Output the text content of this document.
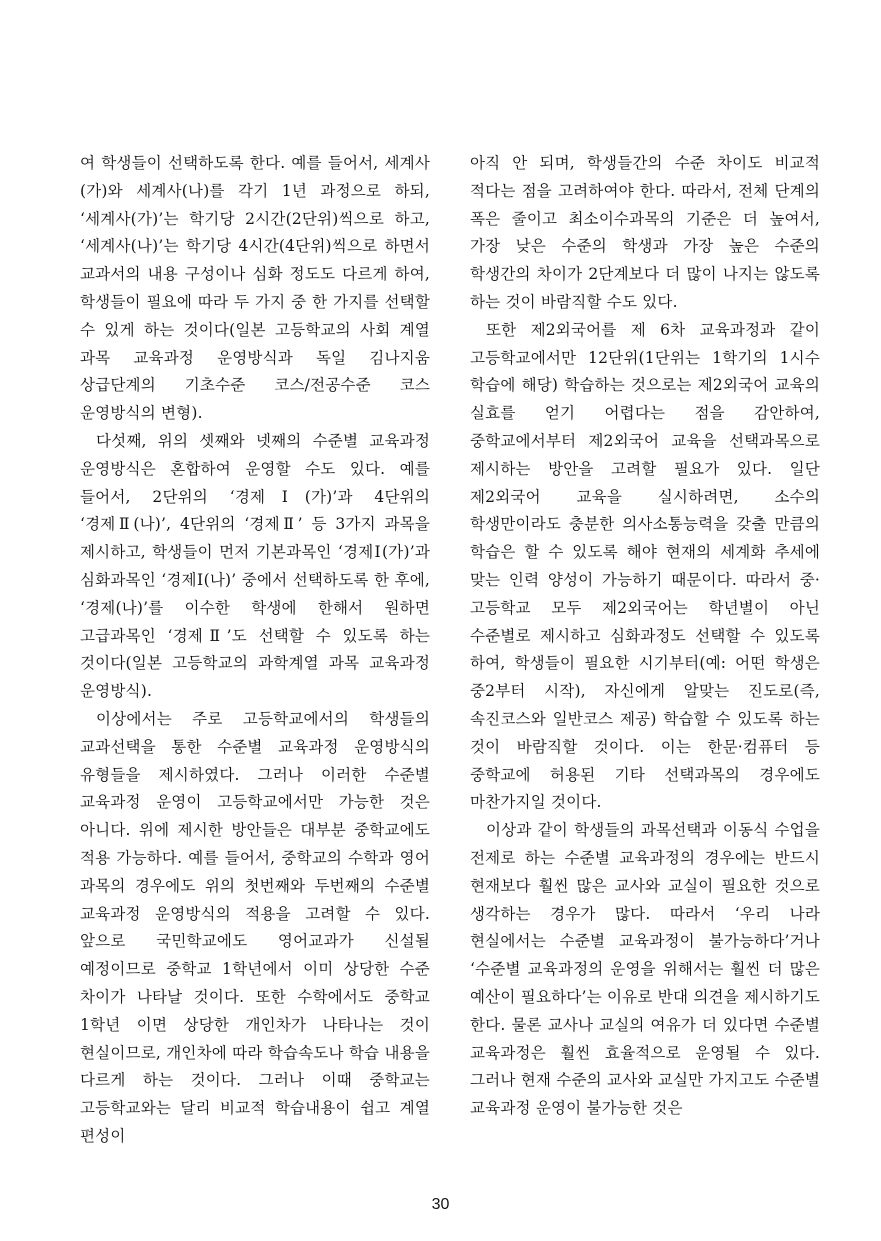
여 학생들이 선택하도록 한다. 예를 들어서, 세계사(가)와 세계사(나)를 각기 1년 과정으로 하되, ‘세계사(가)’는 학기당 2시간(2단위)씩으로 하고, ‘세계사(나)’는 학기당 4시간(4단위)씩으로 하면서 교과서의 내용 구성이나 심화 정도도 다르게 하여, 학생들이 필요에 따라 두 가지 중 한 가지를 선택할 수 있게 하는 것이다(일본 고등학교의 사회 계열 과목 교육과정 운영방식과 독일 김나지움 상급단계의 기초수준 코스/전공수준 코스 운영방식의 변형).

다섯째, 위의 셋째와 넷째의 수준별 교육과정 운영방식은 혼합하여 운영할 수도 있다. 예를 들어서, 2단위의 ‘경제Ⅰ(가)’과 4단위의 ‘경제Ⅱ(나)’, 4단위의 ‘경제Ⅱ’ 등 3가지 과목을 제시하고, 학생들이 먼저 기본과목인 ‘경제Ⅰ(가)’과 심화과목인 ‘경제Ⅰ(나)’ 중에서 선택하도록 한 후에, ‘경제(나)’를 이수한 학생에 한해서 원하면 고급과목인 ‘경제Ⅱ’도 선택할 수 있도록 하는 것이다(일본 고등학교의 과학계열 과목 교육과정 운영방식).

이상에서는 주로 고등학교에서의 학생들의 교과선택을 통한 수준별 교육과정 운영방식의 유형들을 제시하였다. 그러나 이러한 수준별 교육과정 운영이 고등학교에서만 가능한 것은 아니다. 위에 제시한 방안들은 대부분 중학교에도 적용 가능하다. 예를 들어서, 중학교의 수학과 영어 과목의 경우에도 위의 첫번째와 두번째의 수준별 교육과정 운영방식의 적용을 고려할 수 있다. 앞으로 국민학교에도 영어교과가 신설될 예정이므로 중학교 1학년에서 이미 상당한 수준 차이가 나타날 것이다. 또한 수학에서도 중학교 1학년 이면 상당한 개인차가 나타나는 것이 현실이므로, 개인차에 따라 학습속도나 학습 내용을 다르게 하는 것이다. 그러나 이때 중학교는 고등학교와는 달리 비교적 학습내용이 쉽고 계열 편성이

아직 안 되며, 학생들간의 수준 차이도 비교적 적다는 점을 고려하여야 한다. 따라서, 전체 단계의 폭은 줄이고 최소이수과목의 기준은 더 높여서, 가장 낮은 수준의 학생과 가장 높은 수준의 학생간의 차이가 2단계보다 더 많이 나지는 않도록 하는 것이 바람직할 수도 있다.

또한 제2외국어를 제 6차 교육과정과 같이 고등학교에서만 12단위(1단위는 1학기의 1시수 학습에 해당) 학습하는 것으로는 제2외국어 교육의 실효를 얻기 어렵다는 점을 감안하여, 중학교에서부터 제2외국어 교육을 선택과목으로 제시하는 방안을 고려할 필요가 있다. 일단 제2외국어 교육을 실시하려면, 소수의 학생만이라도 충분한 의사소통능력을 갖출 만큼의 학습은 할 수 있도록 해야 현재의 세계화 추세에 맞는 인력 양성이 가능하기 때문이다. 따라서 중·고등학교 모두 제2외국어는 학년별이 아닌 수준별로 제시하고 심화과정도 선택할 수 있도록 하여, 학생들이 필요한 시기부터(예: 어떤 학생은 중2부터 시작), 자신에게 알맞는 진도로(즉, 속진코스와 일반코스 제공) 학습할 수 있도록 하는 것이 바람직할 것이다. 이는 한문·컴퓨터 등 중학교에 허용된 기타 선택과목의 경우에도 마찬가지일 것이다.

이상과 같이 학생들의 과목선택과 이동식 수업을 전제로 하는 수준별 교육과정의 경우에는 반드시 현재보다 훨씬 많은 교사와 교실이 필요한 것으로 생각하는 경우가 많다. 따라서 ‘우리 나라 현실에서는 수준별 교육과정이 불가능하다’거나 ‘수준별 교육과정의 운영을 위해서는 훨씬 더 많은 예산이 필요하다’는 이유로 반대 의견을 제시하기도 한다. 물론 교사나 교실의 여유가 더 있다면 수준별 교육과정은 훨씬 효율적으로 운영될 수 있다. 그러나 현재 수준의 교사와 교실만 가지고도 수준별 교육과정 운영이 불가능한 것은

30
